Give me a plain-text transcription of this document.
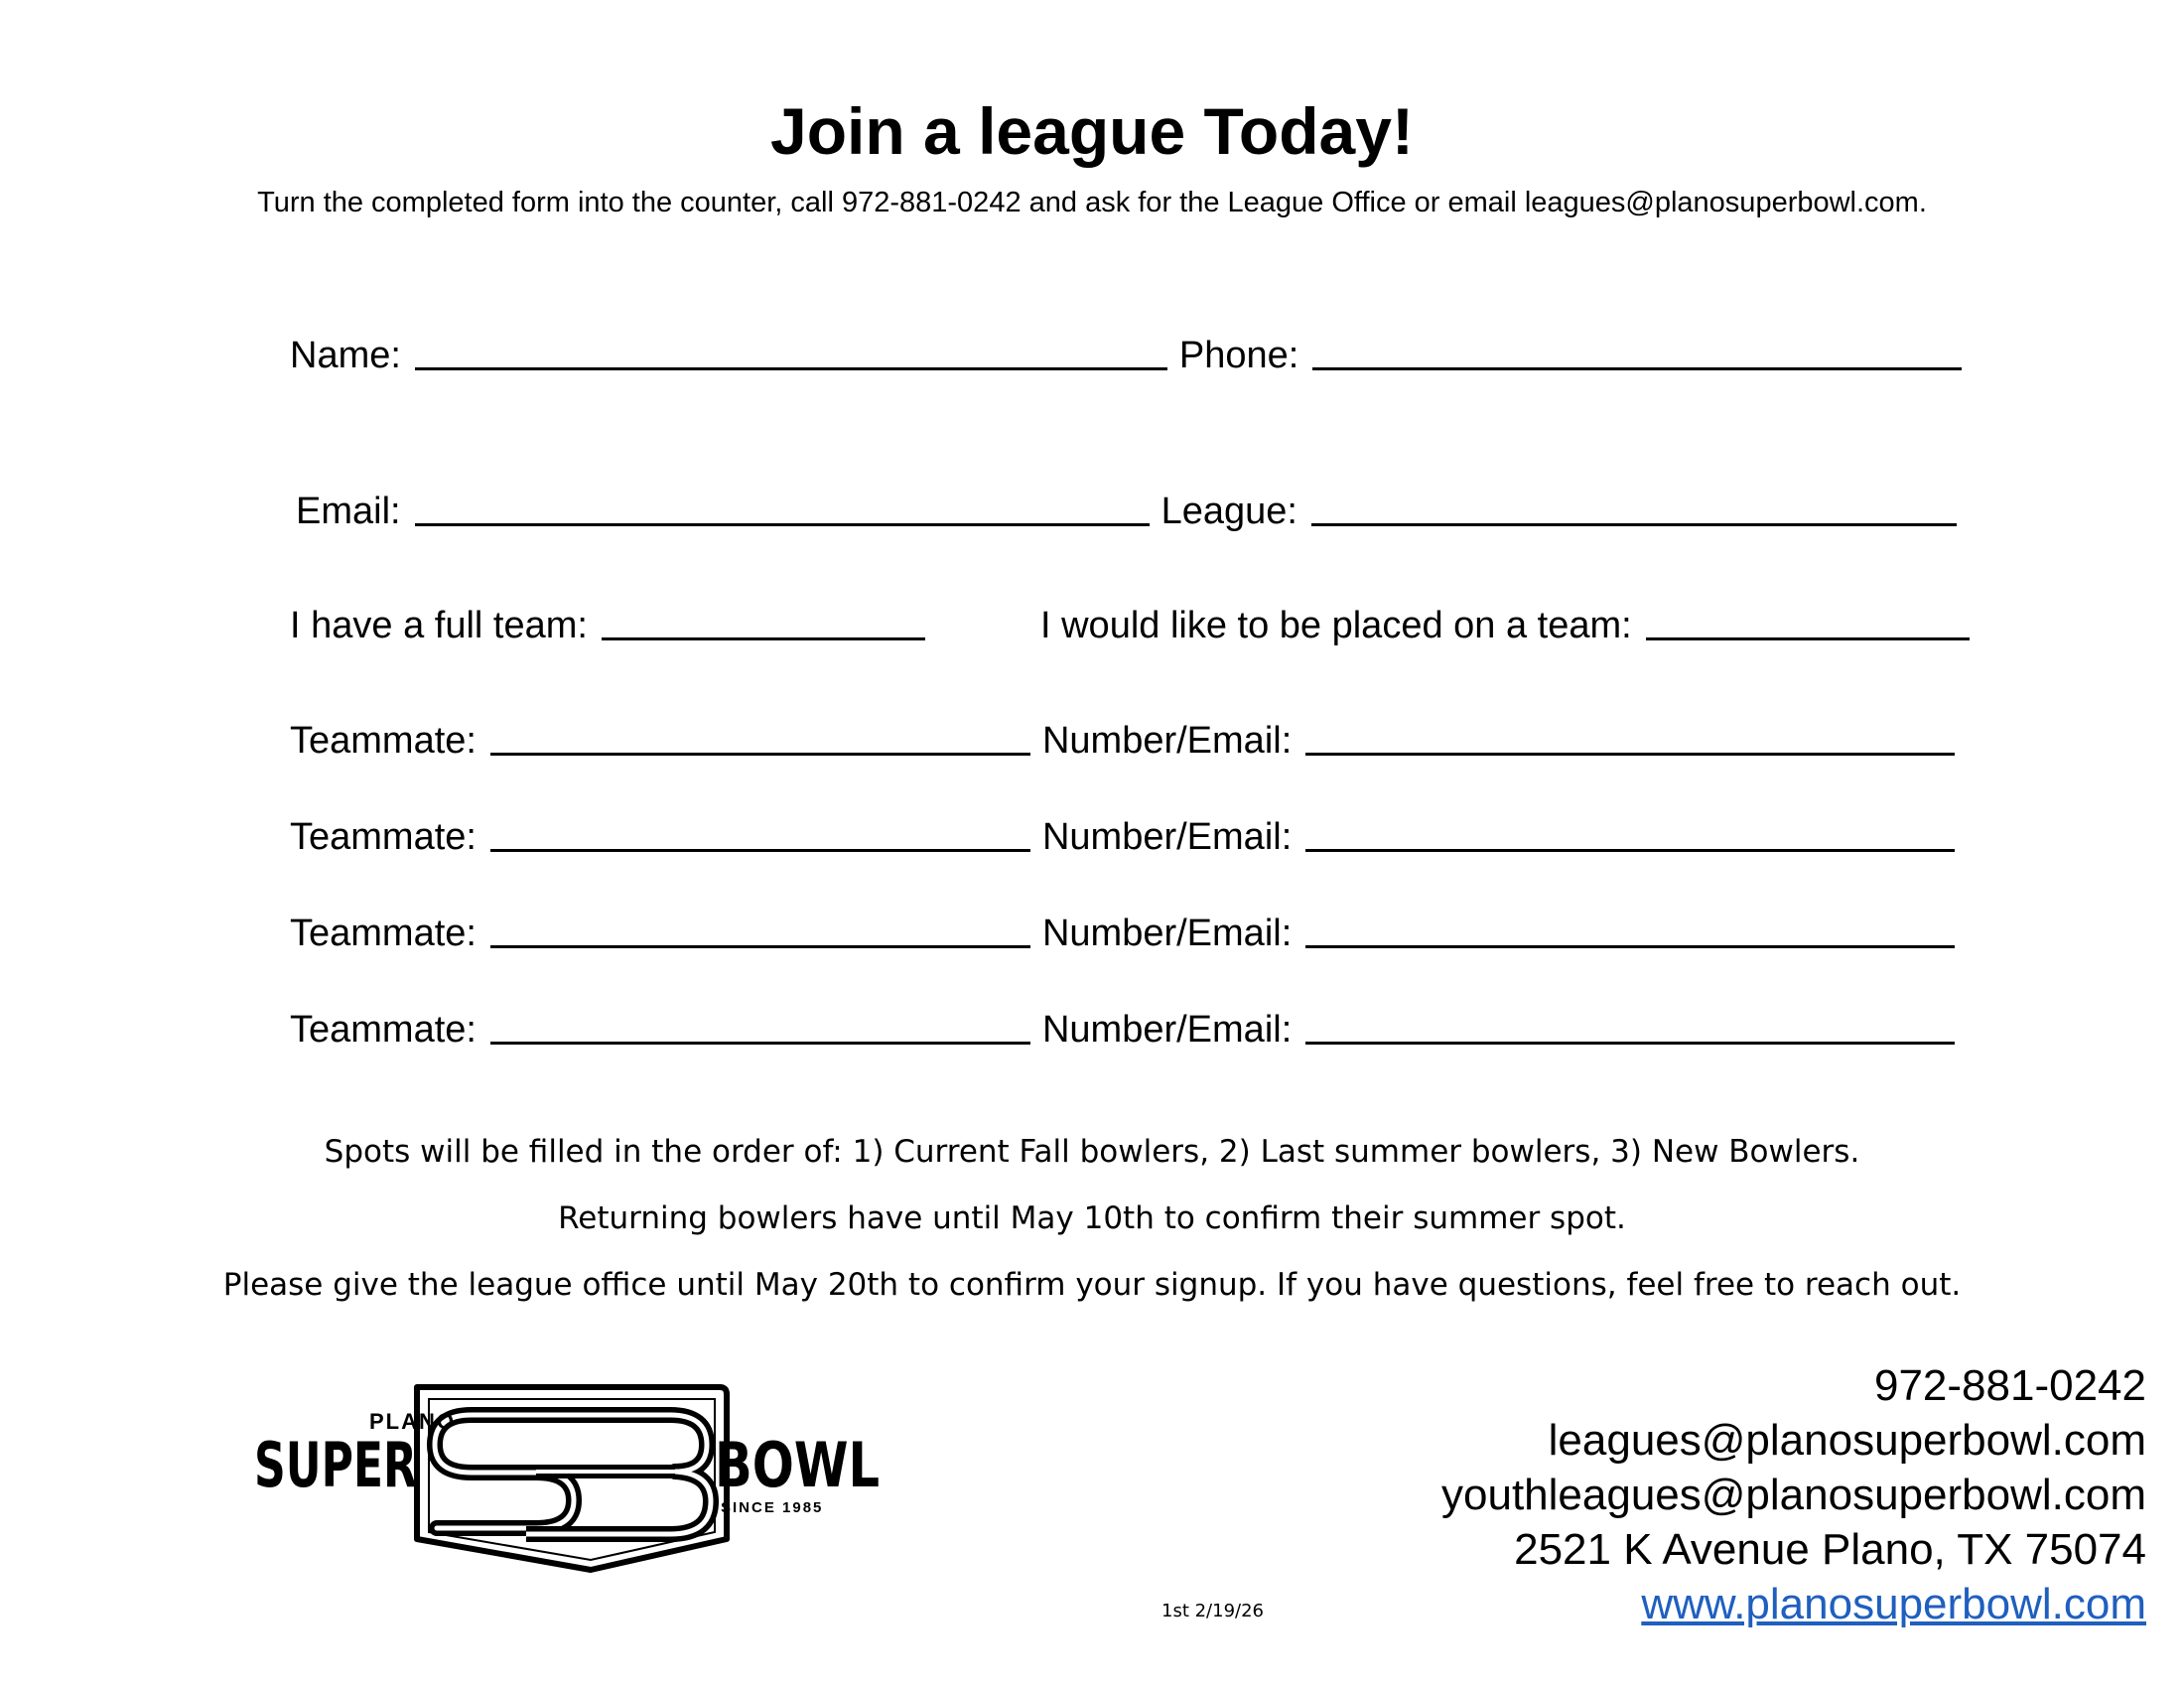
Join a league Today!
Turn the completed form into the counter, call 972-881-0242 and ask for the League Office or email leagues@planosuperbowl.com.
Name:	Phone:
Email:	League:
I have a full team:	I would like to be placed on a team:
Teammate:	Number/Email:
Teammate:	Number/Email:
Teammate:	Number/Email:
Teammate:	Number/Email:

Spots will be filled in the order of: 1) Current Fall bowlers, 2) Last summer bowlers, 3) New Bowlers.

Returning bowlers have until May 10th to confirm their summer spot.

Please give the league office until May 20th to confirm your signup. If you have questions, feel free to reach out.

PLANO
SUPER	BOWL
SINCE 1985
972-881-0242
leagues@planosuperbowl.com
youthleagues@planosuperbowl.com
2521 K Avenue Plano, TX 75074
www.planosuperbowl.com
1st 2/19/26
